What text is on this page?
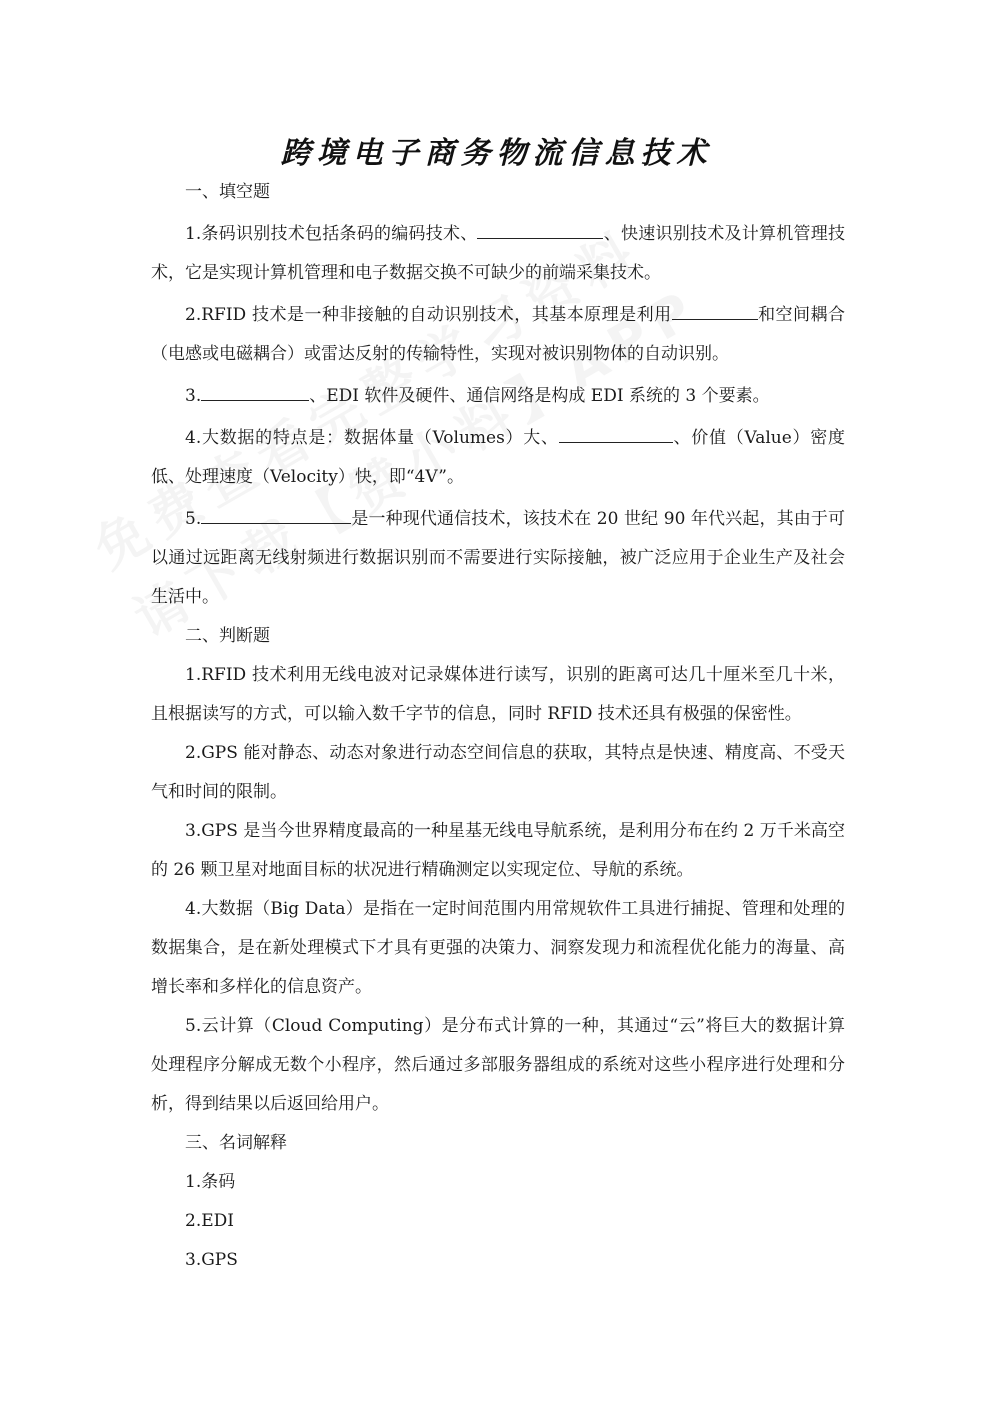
跨境电子商务物流信息技术

一、填空题

1.条码识别技术包括条码的编码技术、	、快速识别技术及计算机管理技术，它是实现计算机管理和电子数据交换不可缺少的前端采集技术。

2.RFID 技术是一种非接触的自动识别技术，其基本原理是利用	和空间耦合（电感或电磁耦合）或雷达反射的传输特性，实现对被识别物体的自动识别。

3.	、EDI 软件及硬件、通信网络是构成 EDI 系统的 3 个要素。

4.大数据的特点是：数据体量（Volumes）大、	、价值（Value）密度低、处理速度（Velocity）快，即“4V”。

5.	是一种现代通信技术，该技术在 20 世纪 90 年代兴起，其由于可以通过远距离无线射频进行数据识别而不需要进行实际接触，被广泛应用于企业生产及社会生活中。

二、判断题

1.RFID 技术利用无线电波对记录媒体进行读写，识别的距离可达几十厘米至几十米，且根据读写的方式，可以输入数千字节的信息，同时 RFID 技术还具有极强的保密性。

2.GPS 能对静态、动态对象进行动态空间信息的获取，其特点是快速、精度高、不受天气和时间的限制。

3.GPS 是当今世界精度最高的一种星基无线电导航系统，是利用分布在约 2 万千米高空的 26 颗卫星对地面目标的状况进行精确测定以实现定位、导航的系统。

4.大数据（Big Data）是指在一定时间范围内用常规软件工具进行捕捉、管理和处理的数据集合，是在新处理模式下才具有更强的决策力、洞察发现力和流程优化能力的海量、高增长率和多样化的信息资产。

5.云计算（Cloud Computing）是分布式计算的一种，其通过“云”将巨大的数据计算处理程序分解成无数个小程序，然后通过多部服务器组成的系统对这些小程序进行处理和分析，得到结果以后返回给用户。

三、名词解释

1.条码

2.EDI

3.GPS
